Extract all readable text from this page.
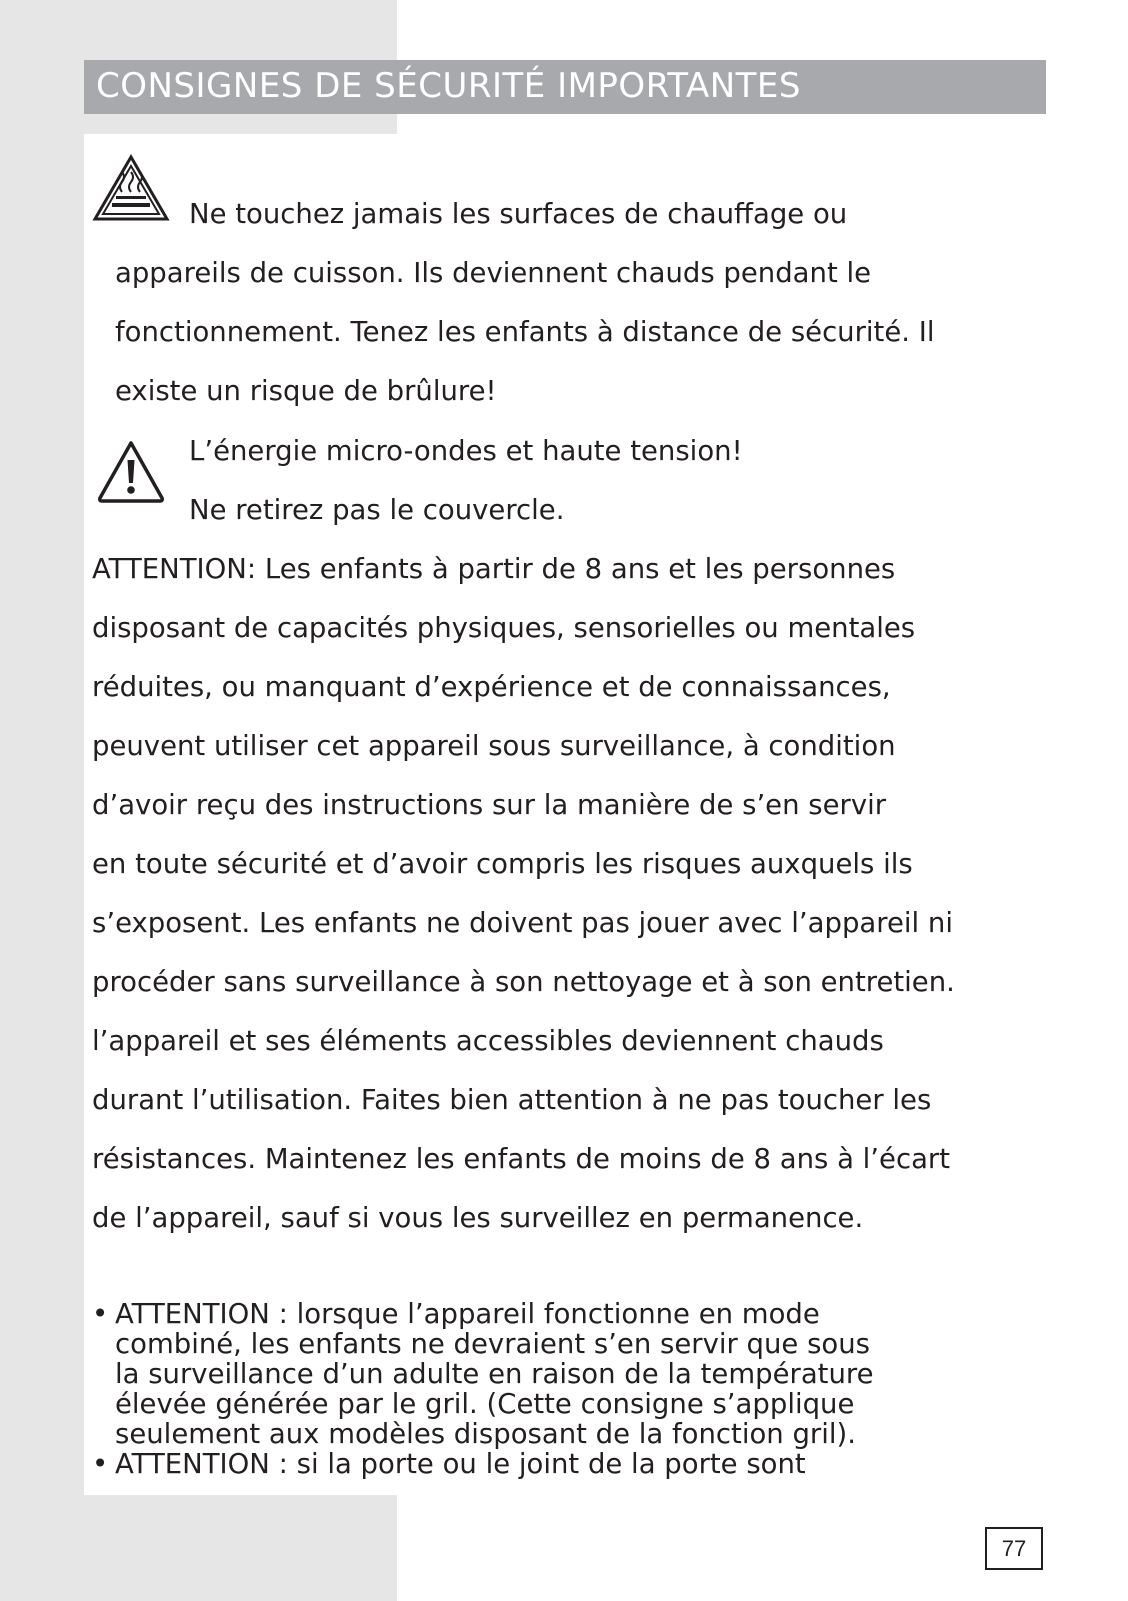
CONSIGNES DE SÉCURITÉ IMPORTANTES
Ne touchez jamais les surfaces de chauffage ou
appareils de cuisson. Ils deviennent chauds pendant le
fonctionnement. Tenez les enfants à distance de sécurité. Il
existe un risque de brûlure!
L’énergie micro-ondes et haute tension!
Ne retirez pas le couvercle.
ATTENTION: Les enfants à partir de 8 ans et les personnes
disposant de capacités physiques, sensorielles ou mentales
réduites, ou manquant d’expérience et de connaissances,
peuvent utiliser cet appareil sous surveillance, à condition
d’avoir reçu des instructions sur la manière de s’en servir
en toute sécurité et d’avoir compris les risques auxquels ils
s’exposent. Les enfants ne doivent pas jouer avec l’appareil ni
procéder sans surveillance à son nettoyage et à son entretien.
l’appareil et ses éléments accessibles deviennent chauds
durant l’utilisation. Faites bien attention à ne pas toucher les
résistances. Maintenez les enfants de moins de 8 ans à l’écart
de l’appareil, sauf si vous les surveillez en permanence.
• ATTENTION : lorsque l’appareil fonctionne en mode
combiné, les enfants ne devraient s’en servir que sous
la surveillance d’un adulte en raison de la température
élevée générée par le gril. (Cette consigne s’applique
seulement aux modèles disposant de la fonction gril).
• ATTENTION : si la porte ou le joint de la porte sont
77
